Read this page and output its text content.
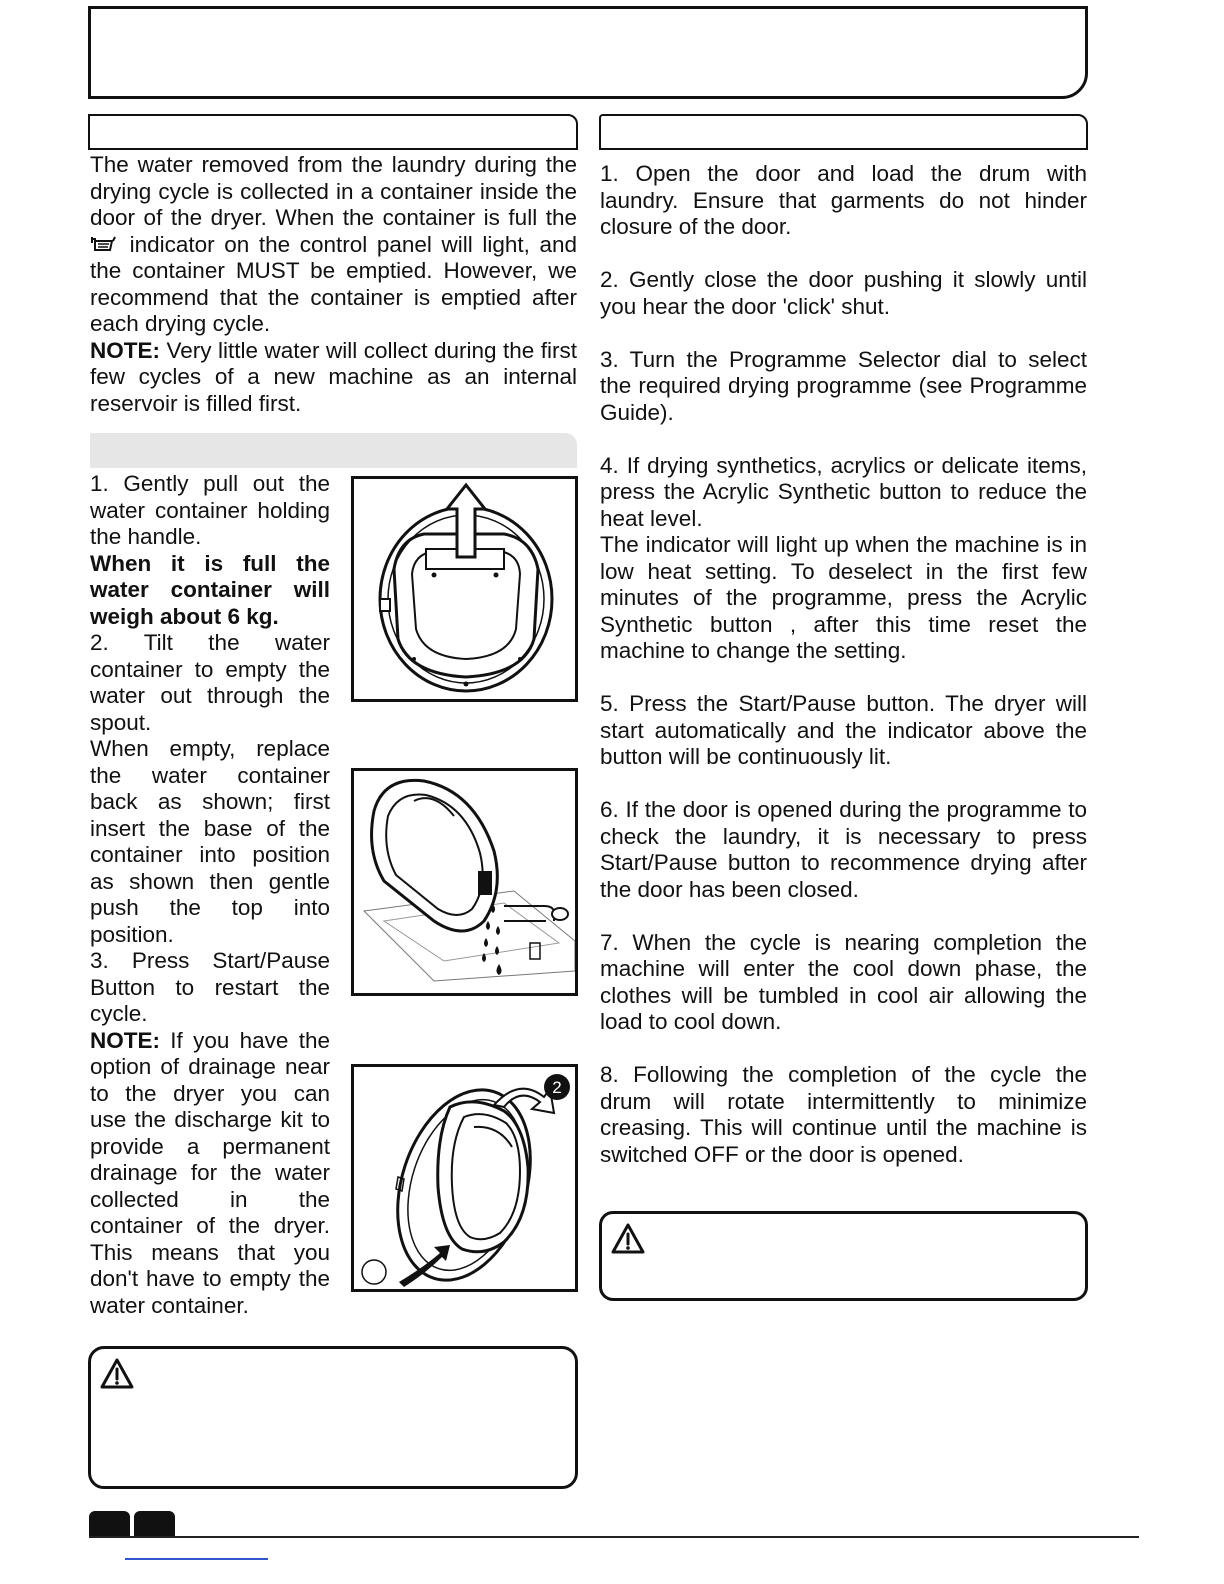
The water removed from the laundry during the drying cycle is collected in a container inside the door of the dryer. When the container is full the  indicator on the control panel will light, and the container MUST be emptied. However, we recommend that the container is emptied after each drying cycle.
NOTE: Very little water will collect during the first few cycles of a new machine as an internal reservoir is filled first.

1. Gently pull out the water container holding the handle.

When it is full the water container will weigh about 6 kg.

2. Tilt the water container to empty the water out through the spout.

When empty, replace the water container back as shown; first insert the base of the container into position as shown then gentle push the top into position.

3. Press Start/Pause Button to restart the cycle.

NOTE: If you have the option of drainage near to the dryer you can use the discharge kit to provide a permanent drainage for the water collected in the container of the dryer. This means that you don't have to empty the water container.

2

1. Open the door and load the drum with laundry. Ensure that garments do not hinder closure of the door.

2. Gently close the door pushing it slowly until you hear the door 'click' shut.

3. Turn the Programme Selector dial to select the required drying programme (see Programme Guide).

4. If drying synthetics, acrylics or delicate items, press the Acrylic Synthetic button to reduce the heat level.

The indicator will light up when the machine is in low heat setting. To deselect in the first few minutes of the programme, press the Acrylic Synthetic button , after this time reset the machine to change the setting.

5. Press the Start/Pause button. The dryer will start automatically and the indicator above the button will be continuously lit.

6. If the door is opened during the programme to check the laundry, it is necessary to press Start/Pause button to recommence drying after the door has been closed.

7. When the cycle is nearing completion the machine will enter the cool down phase, the clothes will be tumbled in cool air allowing the load to cool down.

8. Following the completion of the cycle the drum will rotate intermittently to minimize creasing. This will continue until the machine is switched OFF or the door is opened.
